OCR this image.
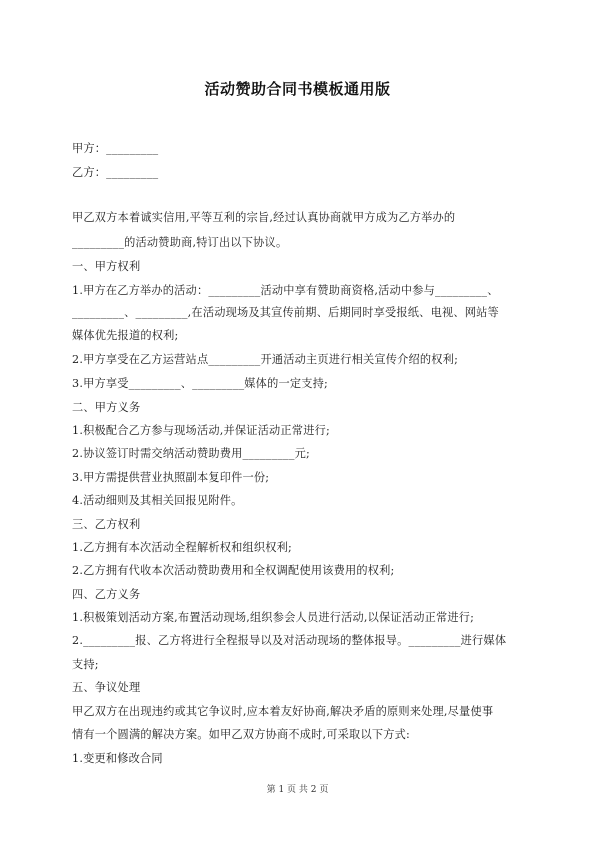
活动赞助合同书模板通用版
甲方：_________
乙方：_________
甲乙双方本着诚实信用,平等互利的宗旨,经过认真协商就甲方成为乙方举办的
_________的活动赞助商,特订出以下协议。
一、甲方权利
1.甲方在乙方举办的活动：_________活动中享有赞助商资格,活动中参与_________、
_________、_________,在活动现场及其宣传前期、后期同时享受报纸、电视、网站等
媒体优先报道的权利;
2.甲方享受在乙方运营站点_________开通活动主页进行相关宣传介绍的权利;
3.甲方享受_________、_________媒体的一定支持;
二、甲方义务
1.积极配合乙方参与现场活动,并保证活动正常进行;
2.协议签订时需交纳活动赞助费用_________元;
3.甲方需提供营业执照副本复印件一份;
4.活动细则及其相关回报见附件。
三、乙方权利
1.乙方拥有本次活动全程解析权和组织权利;
2.乙方拥有代收本次活动赞助费用和全权调配使用该费用的权利;
四、乙方义务
1.积极策划活动方案,布置活动现场,组织参会人员进行活动,以保证活动正常进行;
2._________报、乙方将进行全程报导以及对活动现场的整体报导。_________进行媒体
支持;
五、争议处理
甲乙双方在出现违约或其它争议时,应本着友好协商,解决矛盾的原则来处理,尽量使事
情有一个圆满的解决方案。如甲乙双方协商不成时,可采取以下方式:
1.变更和修改合同
第 1 页 共 2 页
